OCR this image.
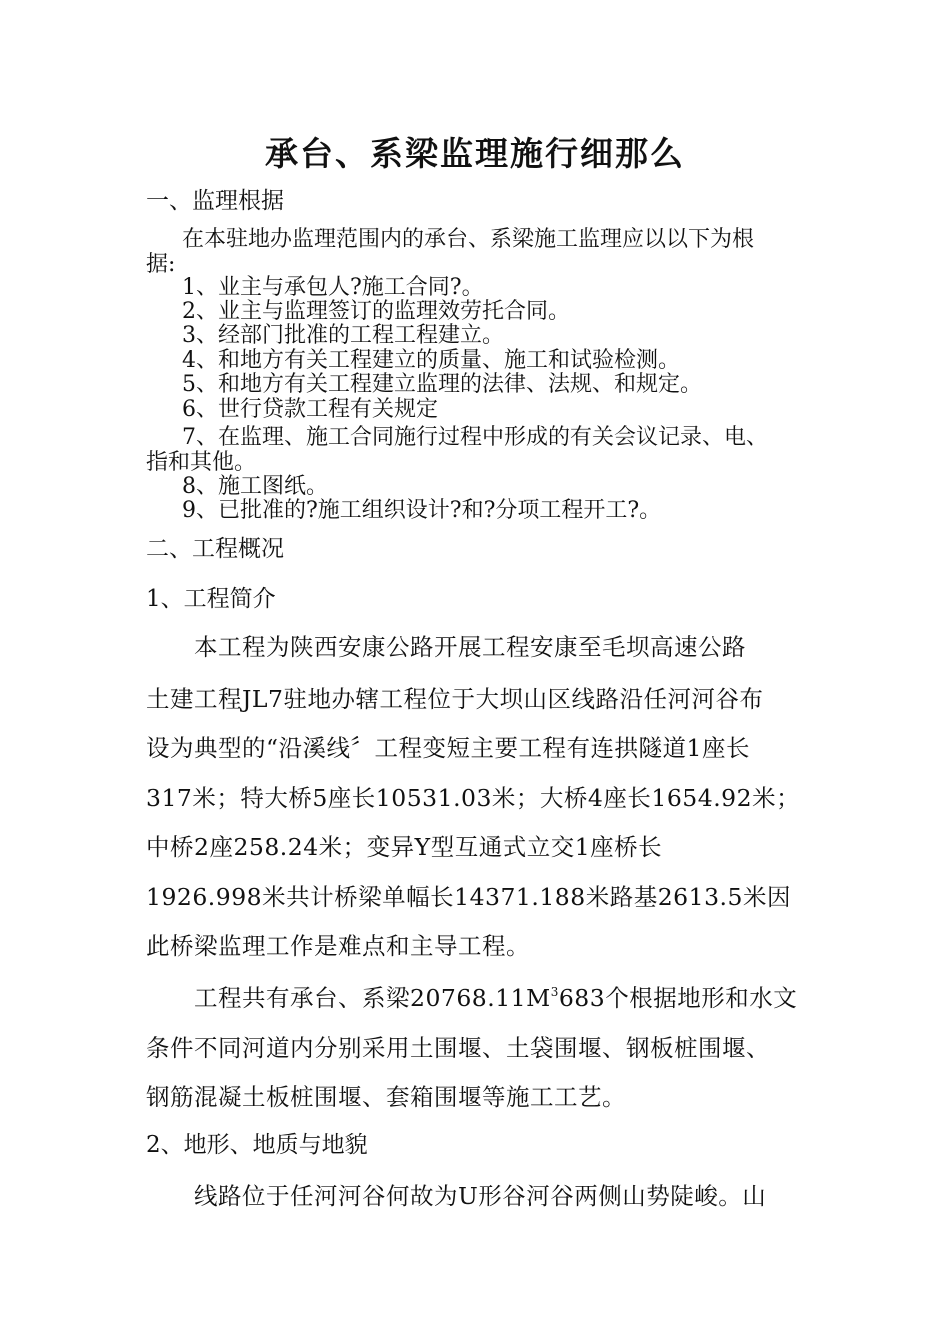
承台、系梁监理施行细那么
一、监理根据
在本驻地办监理范围内的承台、系梁施工监理应以以下为根
据:
1、业主与承包人?施工合同?。
2、业主与监理签订的监理效劳托合同。
3、经部门批准的工程工程建立。
4、和地方有关工程建立的质量、施工和试验检测。
5、和地方有关工程建立监理的法律、法规、和规定。
6、世行贷款工程有关规定
7、在监理、施工合同施行过程中形成的有关会议记录、电、
指和其他。
8、施工图纸。
9、已批准的?施工组织设计?和?分项工程开工?。
二、工程概况
1、工程简介
本工程为陕西安康公路开展工程安康至毛坝高速公路
土建工程JL7驻地办辖工程位于大坝山区线路沿任河河谷布
设为典型的“沿溪线〞工程变短主要工程有连拱隧道1座长
317米；特大桥5座长10531.03米；大桥4座长1654.92米；
中桥2座258.24米；变异Y型互通式立交1座桥长
1926.998米共计桥梁单幅长14371.188米路基2613.5米因
此桥梁监理工作是难点和主导工程。
工程共有承台、系梁$20768.11M^3683$个根据地形和水文
条件不同河道内分别采用土围堰、土袋围堰、钢板桩围堰、
钢筋混凝土板桩围堰、套箱围堰等施工工艺。
2、地形、地质与地貌
线路位于任河河谷何故为U形谷河谷两侧山势陡峻。山
